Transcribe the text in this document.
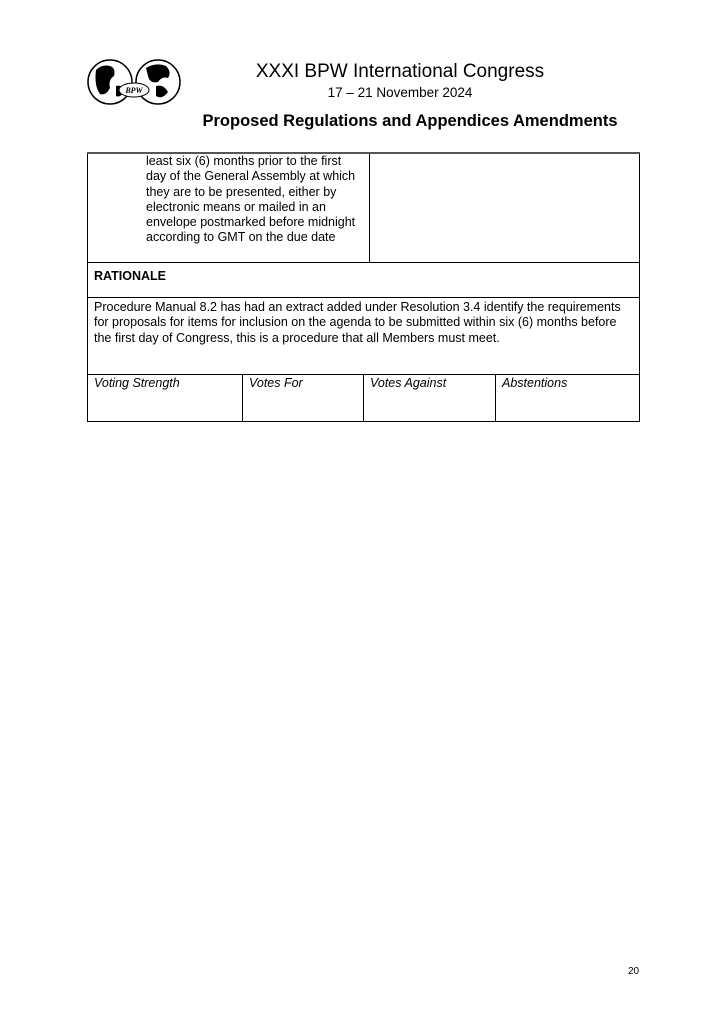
BPW
XXXI BPW International Congress
17 – 21 November 2024
Proposed Regulations and Appendices Amendments
least six (6) months prior to the first day of the General Assembly at which they are to be presented, either by electronic means or mailed in an envelope postmarked before midnight according to GMT on the due date				
RATIONALE				
Procedure Manual 8.2 has had an extract added under Resolution 3.4 identify the requirements for proposals for items for inclusion on the agenda to be submitted within six (6) months before the first day of Congress, this is a procedure that all Members must meet.				
Voting Strength	Votes For	Votes Against		Abstentions
20
